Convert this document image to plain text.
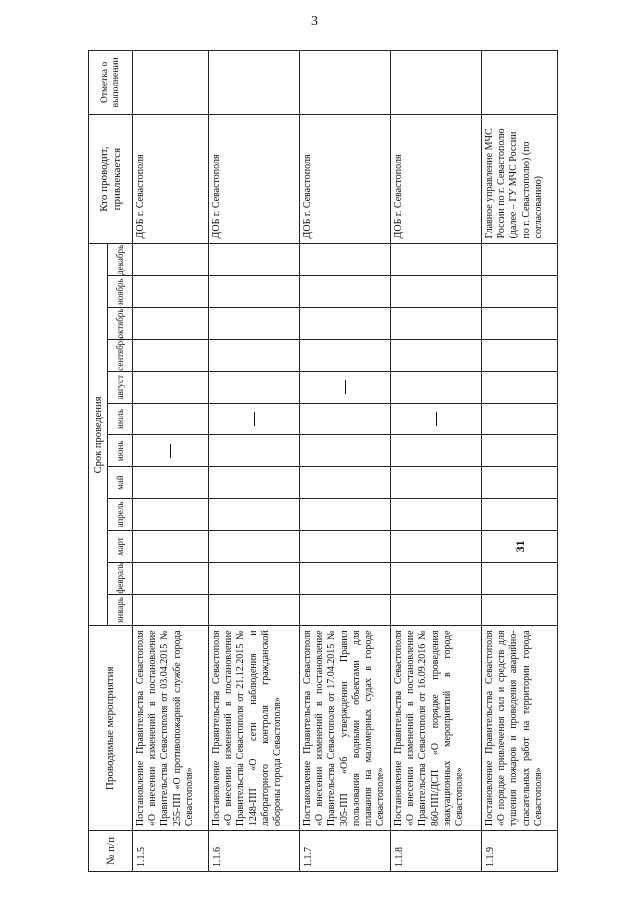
3
№ п/п	Проводимые мероприятия	Срок проведения												Кто проводит, привлекается	Отметка о выполнении
		январь	февраль	март	апрель	май	июнь	июль	август	сентябрь	октябрь	ноябрь	декабрь		
1.1.5	Постановление Правительства Севастополя «О внесении изменений в постановление Правительства Севастополя от 03.04.2015 № 255-ПП «О противопожарной службе города Севастополя»													ДОБ г. Севастополя	
1.1.6	Постановление Правительства Севастополя «О внесении изменений в постановление Правительства Севастополя от 21.12.2015 № 1248-ПП «О сети наблюдения и лабораторного контроля гражданской обороны города Севастополя»													ДОБ г. Севастополя	
1.1.7	Постановление Правительства Севастополя «О внесении изменений в постановление Правительства Севастополя от 17.04.2015 № 305-ПП «Об утверждении Правил пользования водными объектами для плавания на маломерных судах в городе Севастополе»													ДОБ г. Севастополя	
1.1.8	Постановление Правительства Севастополя «О внесении изменений в постановление Правительства Севастополя от 16.09.2016 № 860-ПП/ДСП «О порядке проведения эвакуационных мероприятий в городе Севастополе»													ДОБ г. Севастополя	
1.1.9	Постановление Правительства Севастополя «О порядке привлечения сил и средств для тушения пожаров и проведения аварийно-спасательных работ на территории города Севастополя»			31										Главное управление МЧС России по г. Севастополю (далее – ГУ МЧС России по г. Севастополю) (по согласованию)	
